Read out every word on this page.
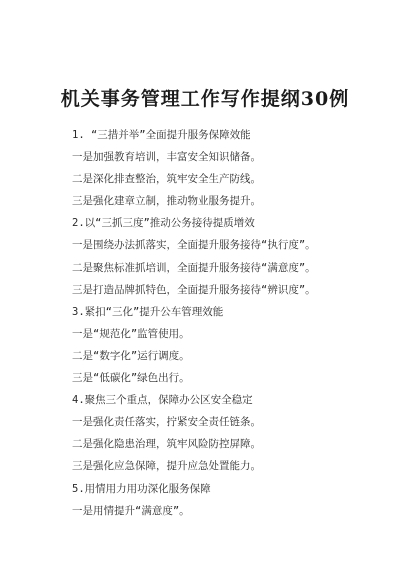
机关事务管理工作写作提纲30例
1. “三措并举”全面提升服务保障效能
一是加强教育培训，丰富安全知识储备。
二是深化排查整治，筑牢安全生产防线。
三是强化建章立制，推动物业服务提升。
2.以“三抓三度”推动公务接待提质增效
一是围绕办法抓落实，全面提升服务接待“执行度”。
二是聚焦标准抓培训，全面提升服务接待“满意度”。
三是打造品牌抓特色，全面提升服务接待“辨识度”。
3.紧扣“三化”提升公车管理效能
一是“规范化”监管使用。
二是“数字化”运行调度。
三是“低碳化”绿色出行。
4.聚焦三个重点，保障办公区安全稳定
一是强化责任落实，拧紧安全责任链条。
二是强化隐患治理，筑牢风险防控屏障。
三是强化应急保障，提升应急处置能力。
5.用情用力用功深化服务保障
一是用情提升“满意度”。
